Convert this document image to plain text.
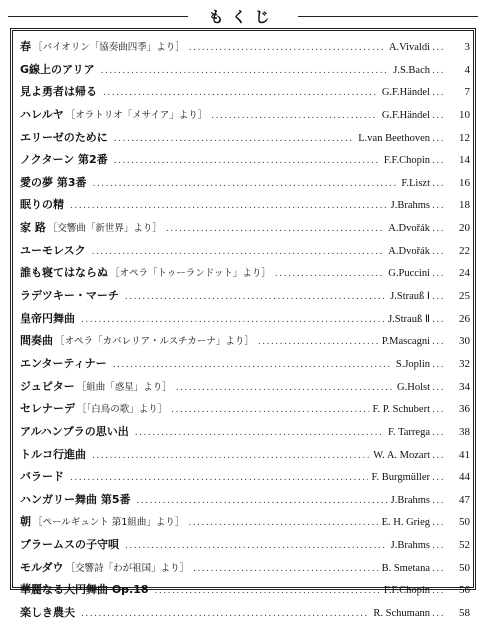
もくじ
春 ［バイオリン「協奏曲四季」より］ .....	A.Vivaldi .....	3
G線上のアリア .....	J.S.Bach .....	4
見よ勇者は帰る .....	G.F.Händel .....	7
ハレルヤ ［オラトリオ「メサイア」より］ .....	G.F.Händel .....	10
エリーゼのために .....	L.van Beethoven .....	12
ノクターン 第2番 .....	F.F.Chopin .....	14
愛の夢 第3番 .....	F.Liszt .....	16
眠りの精 .....	J.Brahms .....	18
家 路 ［交響曲「新世界」より］ .....	A.Dvořák .....	20
ユーモレスク .....	A.Dvořák .....	22
誰も寝てはならぬ ［オペラ「トゥーランドット」より］ .....	G.Puccini .....	24
ラデツキー・マーチ .....	J.Strauß Ⅰ .....	25
皇帝円舞曲 .....	J.Strauß Ⅱ .....	26
間奏曲 ［オペラ「カバレリア・ルスチカーナ」より］ .....	P.Mascagni .....	30
エンターティナー .....	S.Joplin .....	32
ジュピター ［組曲「惑星」より］ .....	G.Holst .....	34
セレナーデ ［「白鳥の歌」より］ .....	F. P. Schubert .....	36
アルハンブラの思い出 .....	F. Tarrega .....	38
トルコ行進曲 .....	W. A. Mozart .....	41
バラード .....	F. Burgmüller .....	44
ハンガリー舞曲 第5番 .....	J.Brahms .....	47
朝 ［ペールギュント 第1組曲」より］ .....	E. H. Grieg .....	50
ブラームスの子守唄 .....	J.Brahms .....	52
モルダウ ［交響詩「わが祖国」より］ .....	B. Smetana .....	50
華麗なる大円舞曲 Op.18 .....	F.F.Chopin .....	56
楽しき農夫 .....	R. Schumann .....	58
